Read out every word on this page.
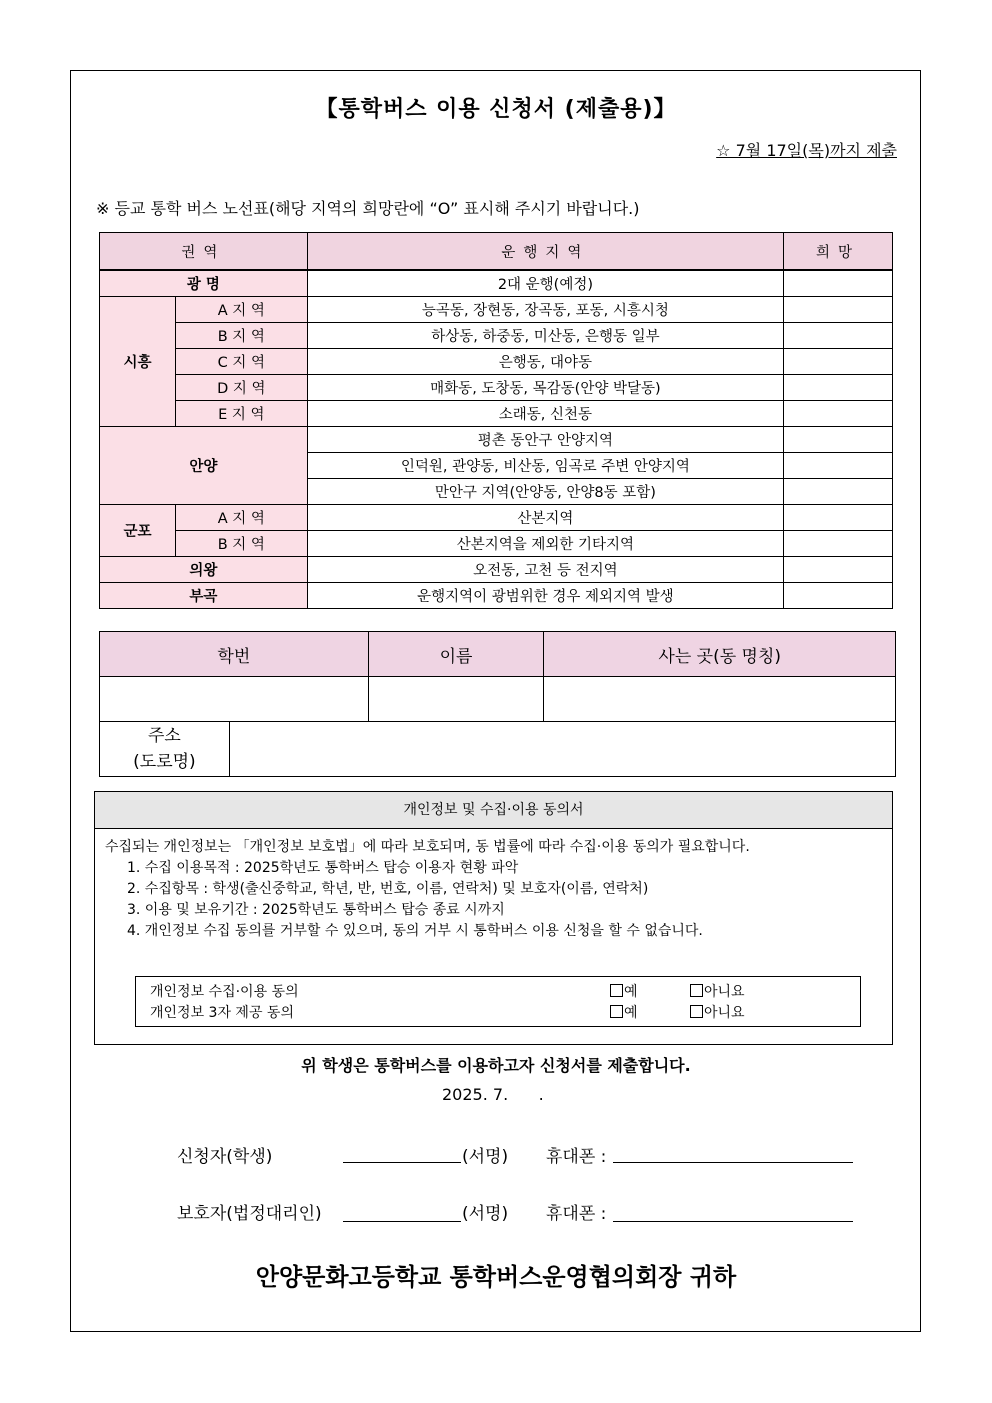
【통학버스 이용 신청서 (제출용)】
☆ 7월 17일(목)까지 제출
※ 등교 통학 버스 노선표(해당 지역의 희망란에 “O” 표시해 주시기 바랍니다.)
권역		운행지역	희망
광 명		2대 운행(예정)	
시흥	A 지 역	능곡동, 장현동, 장곡동, 포동, 시흥시청	
	B 지 역	하상동, 하중동, 미산동, 은행동 일부	
	C 지 역	은행동, 대야동	
	D 지 역	매화동, 도창동, 목감동(안양 박달동)	
	E 지 역	소래동, 신천동	
안양		평촌 동안구 안양지역	
		인덕원, 관양동, 비산동, 임곡로 주변 안양지역	
		만안구 지역(안양동, 안양8동 포함)	
군포	A 지 역	산본지역	
	B 지 역	산본지역을 제외한 기타지역	
의왕		오전동, 고천 등 전지역	
부곡		운행지역이 광범위한 경우 제외지역 발생	
학번		이름	사는 곳(동 명칭)

주소
(도로명)			

개인정보 및 수집·이용 동의서
수집되는 개인정보는 「개인정보 보호법」에 따라 보호되며, 동 법률에 따라 수집·이용 동의가 필요합니다.
1. 수집 이용목적 : 2025학년도 통학버스 탑승 이용자 현황 파악
2. 수집항목 : 학생(출신중학교, 학년, 반, 번호, 이름, 연락처) 및 보호자(이름, 연락처)
3. 이용 및 보유기간 : 2025학년도 통학버스 탑승 종료 시까지
4. 개인정보 수집 동의를 거부할 수 있으며, 동의 거부 시 통학버스 이용 신청을 할 수 없습니다.
개인정보 수집·이용 동의	예	아니요
개인정보 3자 제공 동의	예	아니요
위 학생은 통학버스를 이용하고자 신청서를 제출합니다.
2025. 7.      .
신청자(학생)	(서명) 휴대폰 :
보호자(법정대리인)	(서명) 휴대폰 :
안양문화고등학교 통학버스운영협의회장 귀하
